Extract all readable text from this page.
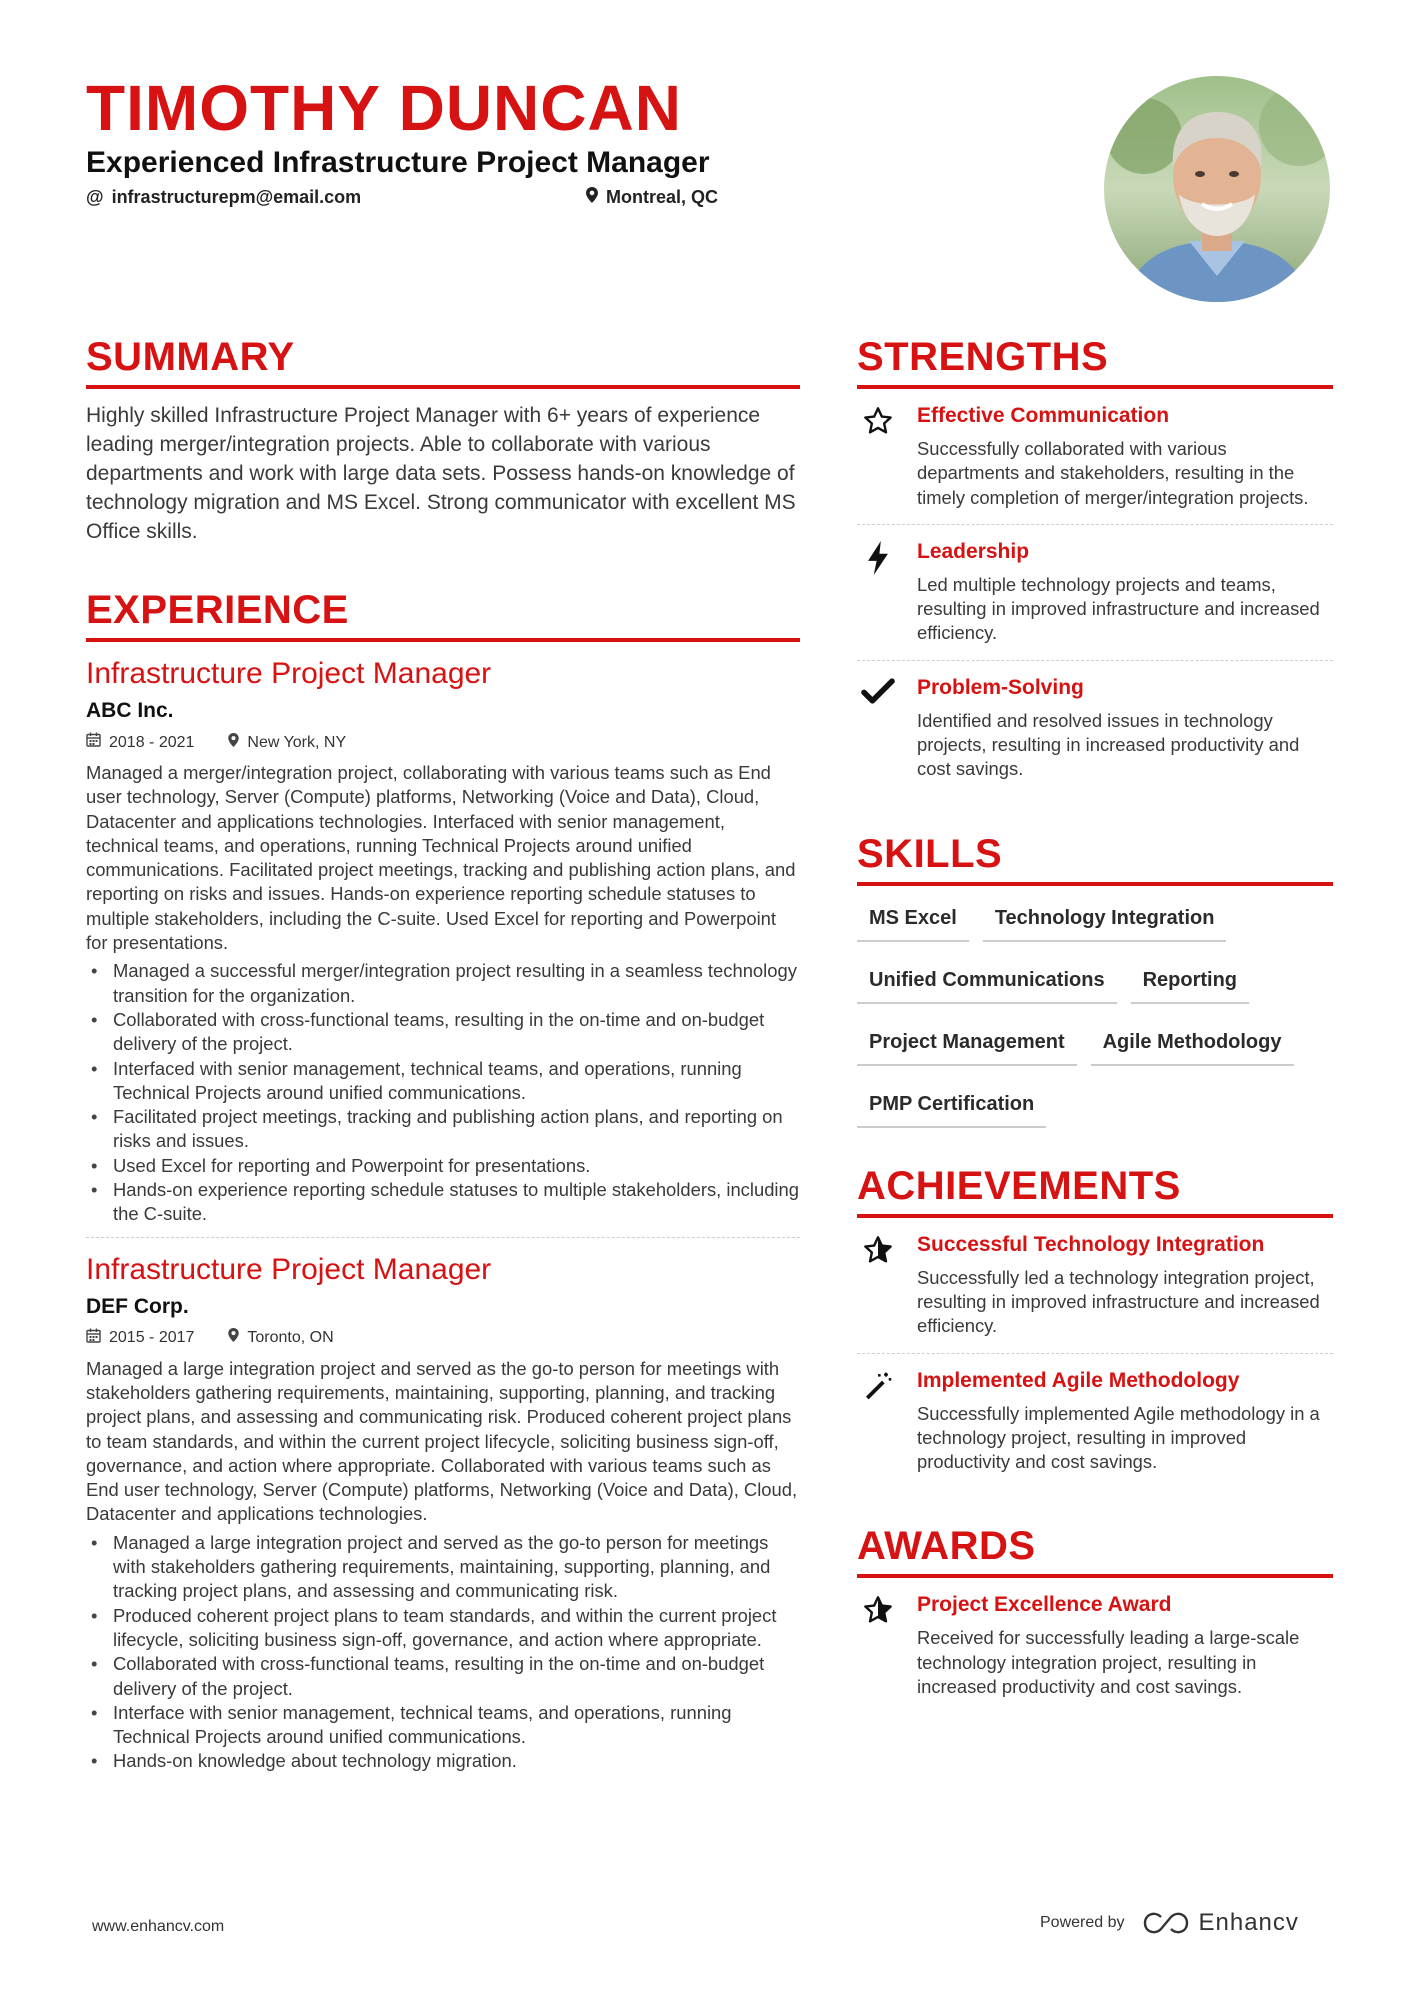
TIMOTHY DUNCAN
Experienced Infrastructure Project Manager
@ infrastructurepm@email.com	Montreal, QC
SUMMARY

Highly skilled Infrastructure Project Manager with 6+ years of experience leading merger/integration projects. Able to collaborate with various departments and work with large data sets. Possess hands-on knowledge of technology migration and MS Excel. Strong communicator with excellent MS Office skills.

EXPERIENCE
Infrastructure Project Manager
ABC Inc.
2018 - 2021	New York, NY

Managed a merger/integration project, collaborating with various teams such as End user technology, Server (Compute) platforms, Networking (Voice and Data), Cloud, Datacenter and applications technologies. Interfaced with senior management, technical teams, and operations, running Technical Projects around unified communications. Facilitated project meetings, tracking and publishing action plans, and reporting on risks and issues. Hands-on experience reporting schedule statuses to multiple stakeholders, including the C-suite. Used Excel for reporting and Powerpoint for presentations.

• Managed a successful merger/integration project resulting in a seamless technology transition for the organization.
• Collaborated with cross-functional teams, resulting in the on-time and on-budget delivery of the project.
• Interfaced with senior management, technical teams, and operations, running Technical Projects around unified communications.
• Facilitated project meetings, tracking and publishing action plans, and reporting on risks and issues.
• Used Excel for reporting and Powerpoint for presentations.
• Hands-on experience reporting schedule statuses to multiple stakeholders, including the C-suite.
Infrastructure Project Manager
DEF Corp.
2015 - 2017	Toronto, ON

Managed a large integration project and served as the go-to person for meetings with stakeholders gathering requirements, maintaining, supporting, planning, and tracking project plans, and assessing and communicating risk. Produced coherent project plans to team standards, and within the current project lifecycle, soliciting business sign-off, governance, and action where appropriate. Collaborated with various teams such as End user technology, Server (Compute) platforms, Networking (Voice and Data), Cloud, Datacenter and applications technologies.

• Managed a large integration project and served as the go-to person for meetings with stakeholders gathering requirements, maintaining, supporting, planning, and tracking project plans, and assessing and communicating risk.
• Produced coherent project plans to team standards, and within the current project lifecycle, soliciting business sign-off, governance, and action where appropriate.
• Collaborated with cross-functional teams, resulting in the on-time and on-budget delivery of the project.
• Interface with senior management, technical teams, and operations, running Technical Projects around unified communications.
• Hands-on knowledge about technology migration.
STRENGTHS
Effective Communication
Successfully collaborated with various departments and stakeholders, resulting in the timely completion of merger/integration projects.
Leadership
Led multiple technology projects and teams, resulting in improved infrastructure and increased efficiency.
Problem-Solving
Identified and resolved issues in technology projects, resulting in increased productivity and cost savings.
SKILLS
MS Excel	Technology Integration
Unified Communications	Reporting
Project Management	Agile Methodology
PMP Certification
ACHIEVEMENTS
Successful Technology Integration
Successfully led a technology integration project, resulting in improved infrastructure and increased efficiency.
Implemented Agile Methodology
Successfully implemented Agile methodology in a technology project, resulting in improved productivity and cost savings.
AWARDS
Project Excellence Award
Received for successfully leading a large-scale technology integration project, resulting in increased productivity and cost savings.
www.enhancv.com	Powered by	Enhancv
